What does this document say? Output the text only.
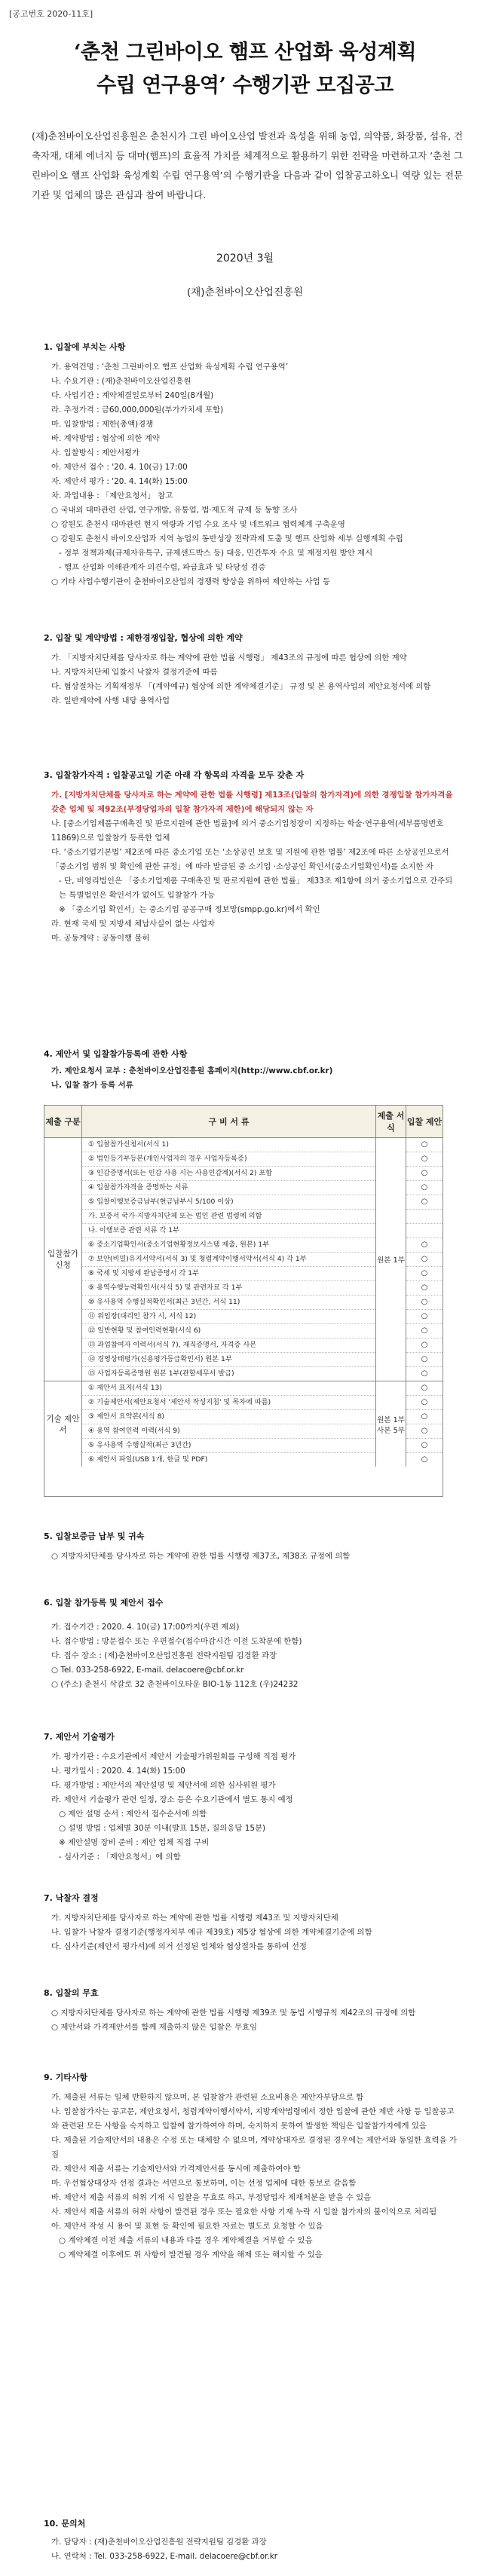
[공고번호 2020-11호]
‘춘천 그린바이오 햄프 산업화 육성계획
수립 연구용역’ 수행기관 모집공고
(재)춘천바이오산업진흥원은 춘천시가 그린 바이오산업 발전과 육성을 위해 농업, 의약품, 화장품, 섬유, 건축자재, 대체 에너지 등 대마(햄프)의 효율적 가치를 체계적으로 활용하기 위한 전략을 마련하고자 ‘춘천 그린바이오 햄프 산업화 육성계획 수립 연구용역’의 수행기관을 다음과 같이 입찰공고하오니 역량 있는 전문기관 및 업체의 많은 관심과 참여 바랍니다.
2020년 3월
(재)춘천바이오산업진흥원
1. 입찰에 부치는 사항

가. 용역건명 : ‘춘천 그린바이오 햄프 산업화 육성계획 수립 연구용역’

나. 수요기관 : (재)춘천바이오산업진흥원

다. 사업기간 : 계약체결일로부터 240일(8개월)

라. 추정가격 : 금60,000,000원(부가가치세 포함)

마. 입찰방법 : 제한(총액)경쟁

바. 계약방법 : 협상에 의한 계약

사. 입찰방식 : 제안서평가

아. 제안서 접수 : '20. 4. 10(금) 17:00

자. 제안서 평가 : '20. 4. 14(화) 15:00

차. 과업내용 : 「제안요청서」 참고

○ 국내외 대마관련 산업, 연구개발, 유통업, 법·제도적 규제 등 동향 조사

○ 강원도 춘천시 대마관련 현지 역량과 기업 수요 조사 및 네트워크 협력체계 구축운영

○ 강원도 춘천시 바이오산업과 지역 농업의 동반성장 전략과제 도출 및 햄프 산업화 세부 실행계획 수립

- 정부 정책과제(규제자유특구, 규제샌드박스 등) 대응, 민간투자 수요 및 재정지원 방안 제시

- 햄프 산업화 이해관계자 의견수렴, 파급효과 및 타당성 검증

○ 기타 사업수행기관이 춘천바이오산업의 경쟁력 향상을 위하여 제안하는 사업 등

2. 입찰 및 계약방법 : 제한경쟁입찰, 협상에 의한 계약

가. 「지방자치단체를 당사자로 하는 계약에 관한 법률 시행령」 제43조의 규정에 따른 협상에 의한 계약

나. 지방자치단체 입찰시 낙찰자 결정기준에 따름

다. 협상절차는 기획재정부 「(계약예규) 협상에 의한 계약체결기준」 규정 및 본 용역사업의 제안요청서에 의함

라. 일반계약에 사행 내당 용역사업

3. 입찰참가자격 : 입찰공고일 기준 아래 각 항목의 자격을 모두 갖춘 자

가. [지방자치단체를 당사자로 하는 계약에 관한 법률 시행령] 제13조(입찰의 참가자격)에 의한 경쟁입찰 참가자격을 갖춘 업체 및 제92조(부정당업자의 입찰 참가자격 제한)에 해당되지 않는 자

나. [중소기업제품구매촉진 및 판로지원에 관한 법률]에 의거 중소기업청장이 지정하는 학술·연구용역(세부품명번호 11869)으로 입찰참가 등록한 업체

다. ‘중소기업기본법’ 제2조에 따른 중소기업 또는 ‘소상공인 보호 및 지원에 관한 법률’ 제2조에 따른 소상공인으로서 「중소기업 범위 및 확인에 관한 규정」에 따라 발급된 중 소기업 ·소상공인 확인서(중소기업확인서)를 소지한 자

- 단, 비영리법인은 「중소기업제품 구매촉진 및 판로지원에 관한 법률」 제33조 제1항에 의거 중소기업으로 간주되는 특별법인은 확인서가 없어도 입찰참가 가능

※ 「중소기업 확인서」는 중소기업 공공구매 정보망(smpp.go.kr)에서 확인

라. 현재 국세 및 지방세 체납사실이 없는 사업자

마. 공동계약 : 공동이행 불허

4. 제안서 및 입찰참가등록에 관한 사항

가. 제안요청서 교부 : 춘천바이오산업진흥원 홈페이지(http://www.cbf.or.kr)

나. 입찰 참가 등록 서류

제출 구분	구 비 서 류
제출 서식
입찰 제안
입찰참가 신청
① 입찰참가신청서(서식 1)
② 법인등기부등본(개인사업자의 경우 사업자등록증)
③ 인감증명서(또는 인감 사용 시는 사용인감계)(서식 2) 포함
④ 입찰참가자격을 증명하는 서류
⑤ 입찰이행보증금납부(현금납부시 5/100 이상)
가. 보증서 국가·지방자치단체 또는 법인 관련 법령에 의함
나. 이행보증 관련 서류 각 1부
⑥ 중소기업확인서(중소기업현황정보시스템 제출, 원본) 1부
⑦ 보안(비밀)유지서약서(서식 3) 및 청렴계약이행서약서(서식 4) 각 1부
⑧ 국세 및 지방세 완납증명서 각 1부
⑨ 용역수행능력확인서(서식 5) 및 관련자료 각 1부
⑩ 유사용역 수행실적확인서(최근 3년간, 서식 11)
⑪ 위임장(대리인 참가 시, 서식 12)
⑫ 일반현황 및 참여인력현황(서식 6)
⑬ 과업참여자 이력서(서식 7), 재직증명서, 자격증 사본
⑭ 경영상태평가(신용평가등급확인서) 원본 1부
⑮ 사업자등록증명원 원본 1부(관할세무서 발급)
원본 1부
○
○
○
○
○
○
○
○
○
○
○
○
○
○
○
기술 제안서
① 제안서 표지(서식 13)
② 기술제안서(제안요청서 '제안서 작성지침' 및 목차에 따름)
③ 제안서 요약본(서식 8)
④ 용역 참여인력 이력(서식 9)
⑤ 유사용역 수행실적(최근 3년간)
⑥ 제안서 파일(USB 1개, 한글 및 PDF)
원본 1부 사본 5부
○
○
○
○
○
○
5. 입찰보증금 납부 및 귀속

○ 지방자치단체를 당사자로 하는 계약에 관한 법률 시행령 제37조, 제38조 규정에 의함

6. 입찰 참가등록 및 제안서 접수

가. 접수기간 : 2020. 4. 10(금) 17:00까지(우편 제외)

나. 접수방법 : 방문접수 또는 우편접수(접수마감시간 이전 도착분에 한함)

다. 접수 장소 : (재)춘천바이오산업진흥원 전략지원팀 김경환 과장

○ Tel. 033-258-6922, E-mail. delacoere@cbf.or.kr

○ (주소) 춘천시 삭갈로 32 춘천바이오타운 BIO-1동 112호 (우)24232

7. 제안서 기술평가

가. 평가기관 : 수요기관에서 제안서 기술평가위원회를 구성해 직접 평가

나. 평가일시 : 2020. 4. 14(화) 15:00

다. 평가방법 : 제안서의 제안설명 및 제안서에 의한 심사위원 평가

라. 제안서 기술평가 관련 일정, 장소 등은 수요기관에서 별도 통지 예정

○ 제안 설명 순서 : 제안서 접수순서에 의함

○ 설명 방법 : 업체별 30분 이내(발표 15분, 질의응답 15분)

※ 제안설명 장비 준비 : 제안 업체 직접 구비

- 심사기준 : 「제안요청서」에 의함

7. 낙찰자 결정

가. 지방자치단체를 당사자로 하는 계약에 관한 법률 시행령 제43조 및 지방자치단체

나. 입찰가 낙찰자 결정기준(행정자치부 예규 제39호) 제5장 협상에 의한 계약체결기준에 의함

다. 심사기준(제안서 평가서)에 의거 선정된 업체와 협상절차를 통하여 선정

8. 입찰의 무효

○ 지방자치단체를 당사자로 하는 계약에 관한 법률 시행령 제39조 및 동법 시행규칙 제42조의 규정에 의함

○ 제안서와 가격제안서를 함께 제출하지 않은 입찰은 무효임

9. 기타사항

가. 제출된 서류는 일체 반환하지 않으며, 본 입찰참가 관련된 소요비용은 제안자부담으로 함

나. 입찰참가자는 공고문, 제안요청서, 청렴계약이행서약서, 지방계약법령에서 정한 입찰에 관한 제반 사항 등 입찰공고와 관련된 모든 사항을 숙지하고 입찰에 참가하여야 하며, 숙지하지 못하여 발생한 책임은 입찰참가자에게 있음

다. 제출된 기술제안서의 내용은 수정 또는 대체할 수 없으며, 계약상대자로 결정된 경우에는 제안서와 동일한 효력을 가짐

라. 제안서 제출 서류는 기술제안서와 가격제안서를 동시에 제출하여야 함

마. 우선협상대상자 선정 결과는 서면으로 통보하며, 이는 선정 업체에 대한 통보로 갈음함

바. 제안서 제출 서류의 허위 기재 시 입찰을 무효로 하고, 부정당업자 제재처분을 받을 수 있음

사. 제안서 제출 서류의 허위 사항이 발견된 경우 또는 필요한 사항 기재 누락 시 입찰 참가자의 불이익으로 처리됨

아. 제안서 작성 시 용어 및 표현 등 확인에 필요한 자료는 별도로 요청할 수 있음

○ 계약체결 이전 제출 서류의 내용과 다를 경우 계약체결을 거부할 수 있음

○ 계약체결 이후에도 위 사항이 발견될 경우 계약을 해제 또는 해지할 수 있음

10. 문의처

가. 담당자 : (재)춘천바이오산업진흥원 전략지원팀 김경환 과장

나. 연락처 : Tel. 033-258-6922, E-mail. delacoere@cbf.or.kr
